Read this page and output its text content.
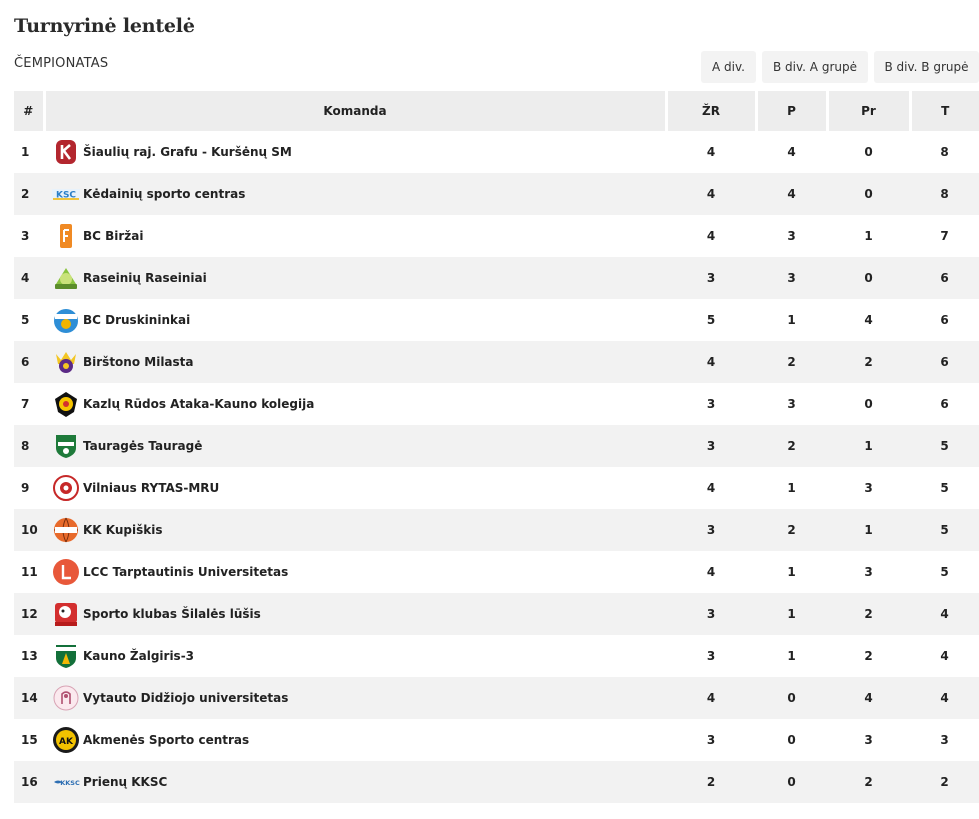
Turnyrinė lentelė
ČEMPIONATAS	A div.	B div. A grupė	B div. B grupė
#	Komanda	ŽR	P	Pr	T
1	Šiaulių raj. Grafu - Kuršėnų SM	4	4	0	8
2	KSC Kėdainių sporto centras	4	4	0	8
3	BC Biržai	4	3	1	7
4	Raseinių Raseiniai	3	3	0	6
5	BC Druskininkai	5	1	4	6
6	Birštono Milasta	4	2	2	6
7	Kazlų Rūdos Ataka-Kauno kolegija	3	3	0	6
8	Tauragės Tauragė	3	2	1	5
9	Vilniaus RYTAS-MRU	4	1	3	5
10	KK Kupiškis	3	2	1	5
11	LCC Tarptautinis Universitetas	4	1	3	5
12	Sporto klubas Šilalės lūšis	3	1	2	4
13	Kauno Žalgiris-3	3	1	2	4
14	Vytauto Didžiojo universitetas	4	0	4	4
15	AK Akmenės Sporto centras	3	0	3	3
16	KKSC Prienų KKSC	2	0	2	2
